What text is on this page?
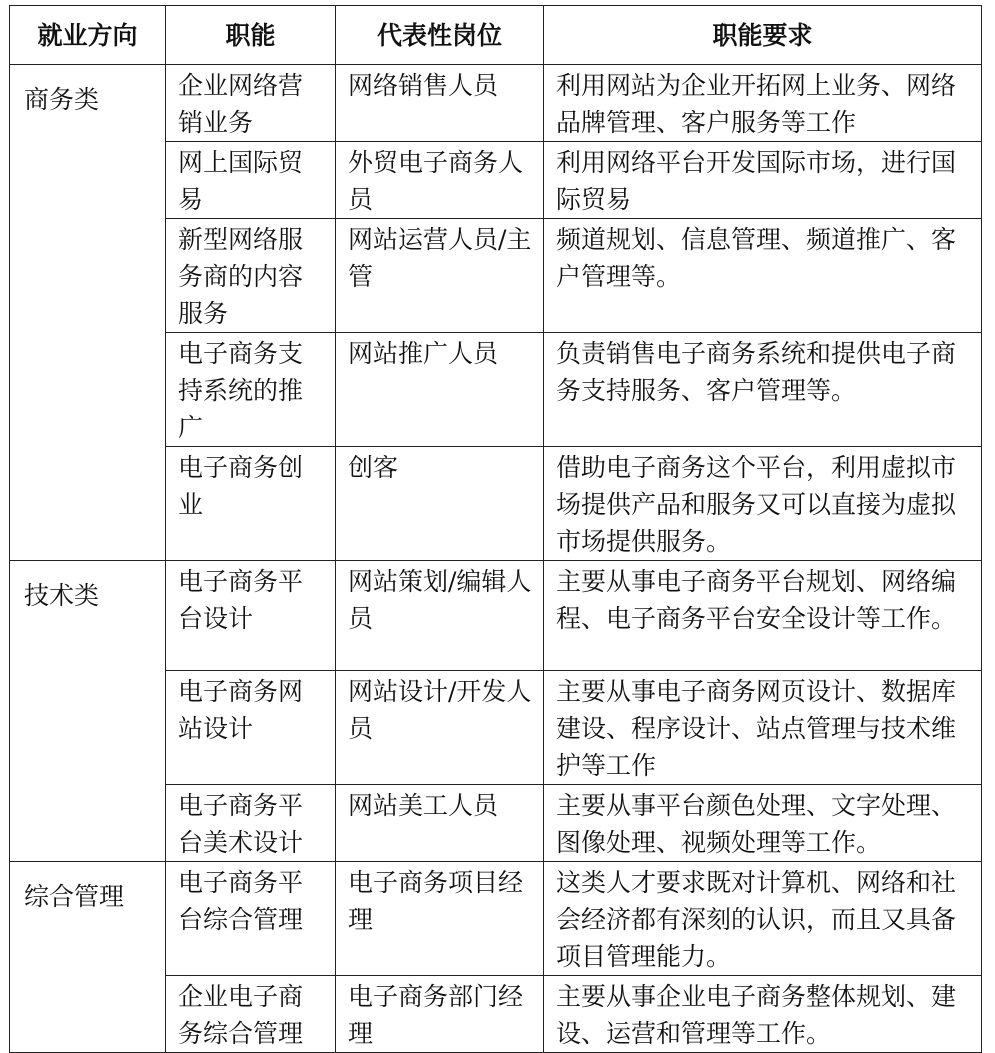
就业方向	职能	代表性岗位	职能要求
商务类	企业网络营销业务	网络销售人员	利用网站为企业开拓网上业务、网络品牌管理、客户服务等工作
	网上国际贸易	外贸电子商务人员	利用网络平台开发国际市场，进行国际贸易
	新型网络服务商的内容服务	网站运营人员/主管	频道规划、信息管理、频道推广、客户管理等。
	电子商务支持系统的推广	网站推广人员	负责销售电子商务系统和提供电子商务支持服务、客户管理等。
	电子商务创业	创客	借助电子商务这个平台，利用虚拟市场提供产品和服务又可以直接为虚拟市场提供服务。
技术类	电子商务平台设计	网站策划/编辑人员	主要从事电子商务平台规划、网络编程、电子商务平台安全设计等工作。
	电子商务网站设计	网站设计/开发人员	主要从事电子商务网页设计、数据库建设、程序设计、站点管理与技术维护等工作
	电子商务平台美术设计	网站美工人员	主要从事平台颜色处理、文字处理、图像处理、视频处理等工作。
综合管理	电子商务平台综合管理	电子商务项目经理	这类人才要求既对计算机、网络和社会经济都有深刻的认识，而且又具备项目管理能力。
	企业电子商务综合管理	电子商务部门经理	主要从事企业电子商务整体规划、建设、运营和管理等工作。
